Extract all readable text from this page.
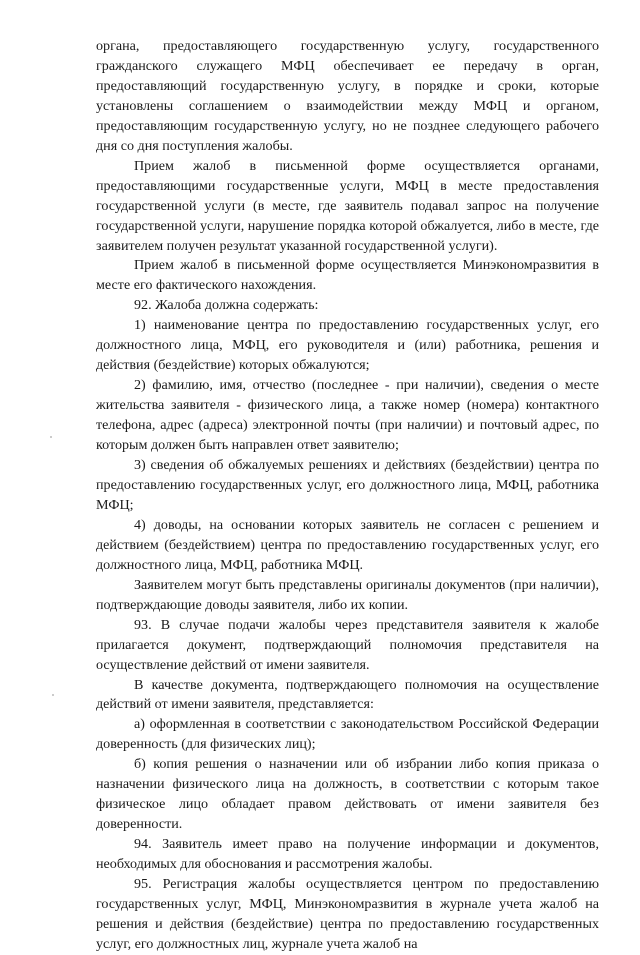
органа, предоставляющего государственную услугу, государственного гражданского служащего МФЦ обеспечивает ее передачу в орган, предоставляющий государственную услугу, в порядке и сроки, которые установлены соглашением о взаимодействии между МФЦ и органом, предоставляющим государственную услугу, но не позднее следующего рабочего дня со дня поступления жалобы.

Прием жалоб в письменной форме осуществляется органами, предоставляющими государственные услуги, МФЦ в месте предоставления государственной услуги (в месте, где заявитель подавал запрос на получение государственной услуги, нарушение порядка которой обжалуется, либо в месте, где заявителем получен результат указанной государственной услуги).

Прием жалоб в письменной форме осуществляется Минэкономразвития в месте его фактического нахождения.

92. Жалоба должна содержать:

1) наименование центра по предоставлению государственных услуг, его должностного лица, МФЦ, его руководителя и (или) работника, решения и действия (бездействие) которых обжалуются;

2) фамилию, имя, отчество (последнее - при наличии), сведения о месте жительства заявителя - физического лица, а также номер (номера) контактного телефона, адрес (адреса) электронной почты (при наличии) и почтовый адрес, по которым должен быть направлен ответ заявителю;

3) сведения об обжалуемых решениях и действиях (бездействии) центра по предоставлению государственных услуг, его должностного лица, МФЦ, работника МФЦ;

4) доводы, на основании которых заявитель не согласен с решением и действием (бездействием) центра по предоставлению государственных услуг, его должностного лица, МФЦ, работника МФЦ.

Заявителем могут быть представлены оригиналы документов (при наличии), подтверждающие доводы заявителя, либо их копии.

93. В случае подачи жалобы через представителя заявителя к жалобе прилагается документ, подтверждающий полномочия представителя на осуществление действий от имени заявителя.

В качестве документа, подтверждающего полномочия на осуществление действий от имени заявителя, представляется:

а) оформленная в соответствии с законодательством Российской Федерации доверенность (для физических лиц);

б) копия решения о назначении или об избрании либо копия приказа о назначении физического лица на должность, в соответствии с которым такое физическое лицо обладает правом действовать от имени заявителя без доверенности.

94. Заявитель имеет право на получение информации и документов, необходимых для обоснования и рассмотрения жалобы.

95. Регистрация жалобы осуществляется центром по предоставлению государственных услуг, МФЦ, Минэкономразвития в журнале учета жалоб на решения и действия (бездействие) центра по предоставлению государственных услуг, его должностных лиц, журнале учета жалоб на
